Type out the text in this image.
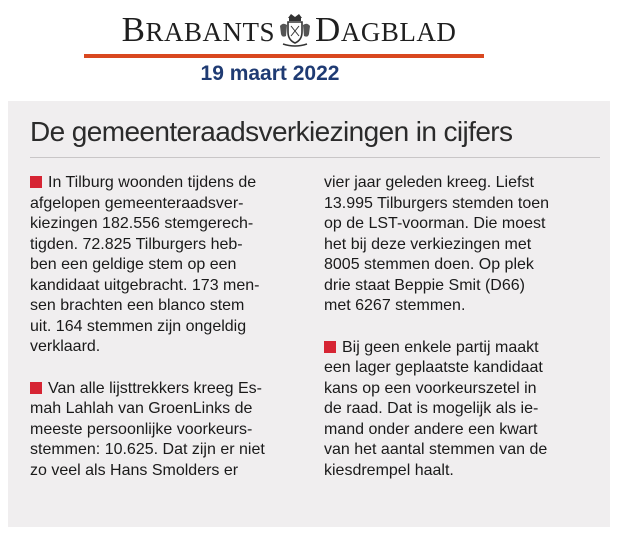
BRABANTS DAGBLAD
19 maart 2022
De gemeenteraadsverkiezingen in cijfers
In Tilburg woonden tijdens de
afgelopen gemeenteraadsver-
kiezingen 182.556 stemgerech-
tigden. 72.825 Tilburgers heb-
ben een geldige stem op een
kandidaat uitgebracht. 173 men-
sen brachten een blanco stem
uit. 164 stemmen zijn ongeldig
verklaard.
Van alle lijsttrekkers kreeg Es-
mah Lahlah van GroenLinks de
meeste persoonlijke voorkeurs-
stemmen: 10.625. Dat zijn er niet
zo veel als Hans Smolders er
vier jaar geleden kreeg. Liefst
13.995 Tilburgers stemden toen
op de LST-voorman. Die moest
het bij deze verkiezingen met
8005 stemmen doen. Op plek
drie staat Beppie Smit (D66)
met 6267 stemmen.
Bij geen enkele partij maakt
een lager geplaatste kandidaat
kans op een voorkeurszetel in
de raad. Dat is mogelijk als ie-
mand onder andere een kwart
van het aantal stemmen van de
kiesdrempel haalt.
